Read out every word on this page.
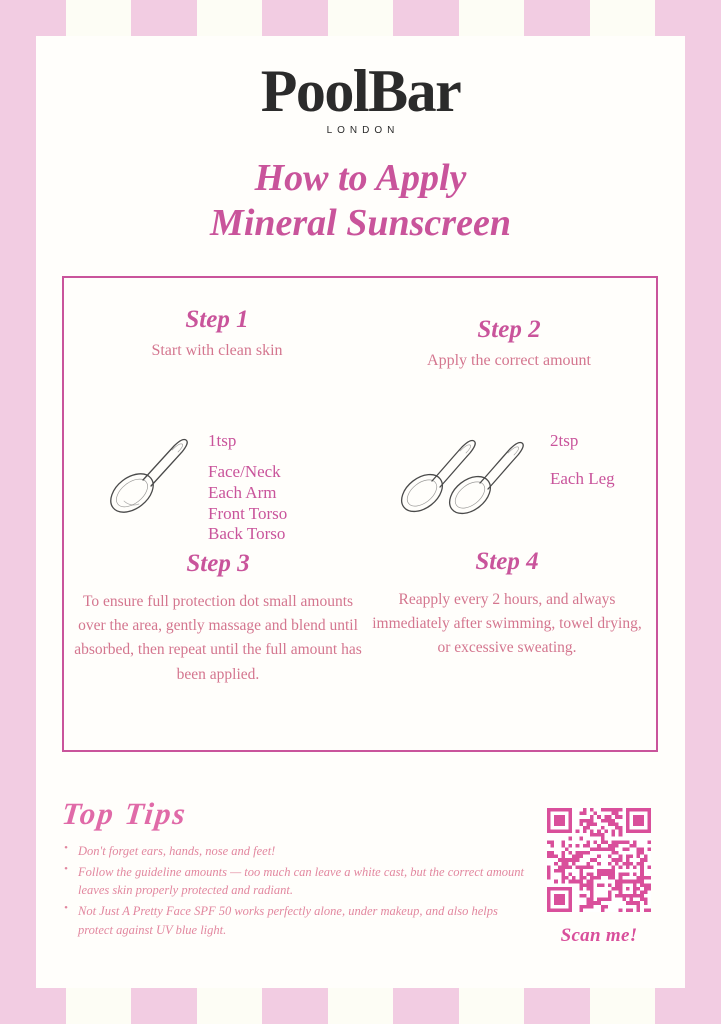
PoolBar
LONDON
How to Apply
Mineral Sunscreen
Step 1
Start with clean skin
Step 2
Apply the correct amount
1tsp
Face/Neck
Each Arm
Front Torso
Back Torso
2tsp
Each Leg
Step 3
To ensure full protection dot small amounts over the area, gently massage and blend until absorbed, then repeat until the full amount has been applied.
Step 4
Reapply every 2 hours, and always immediately after swimming, towel drying, or excessive sweating.
Top Tips
• Don't forget ears, hands, nose and feet!
• Follow the guideline amounts — too much can leave a white cast, but the correct amount leaves skin properly protected and radiant.
• Not Just A Pretty Face SPF 50 works perfectly alone, under makeup, and also helps protect against UV blue light.	Scan me!
